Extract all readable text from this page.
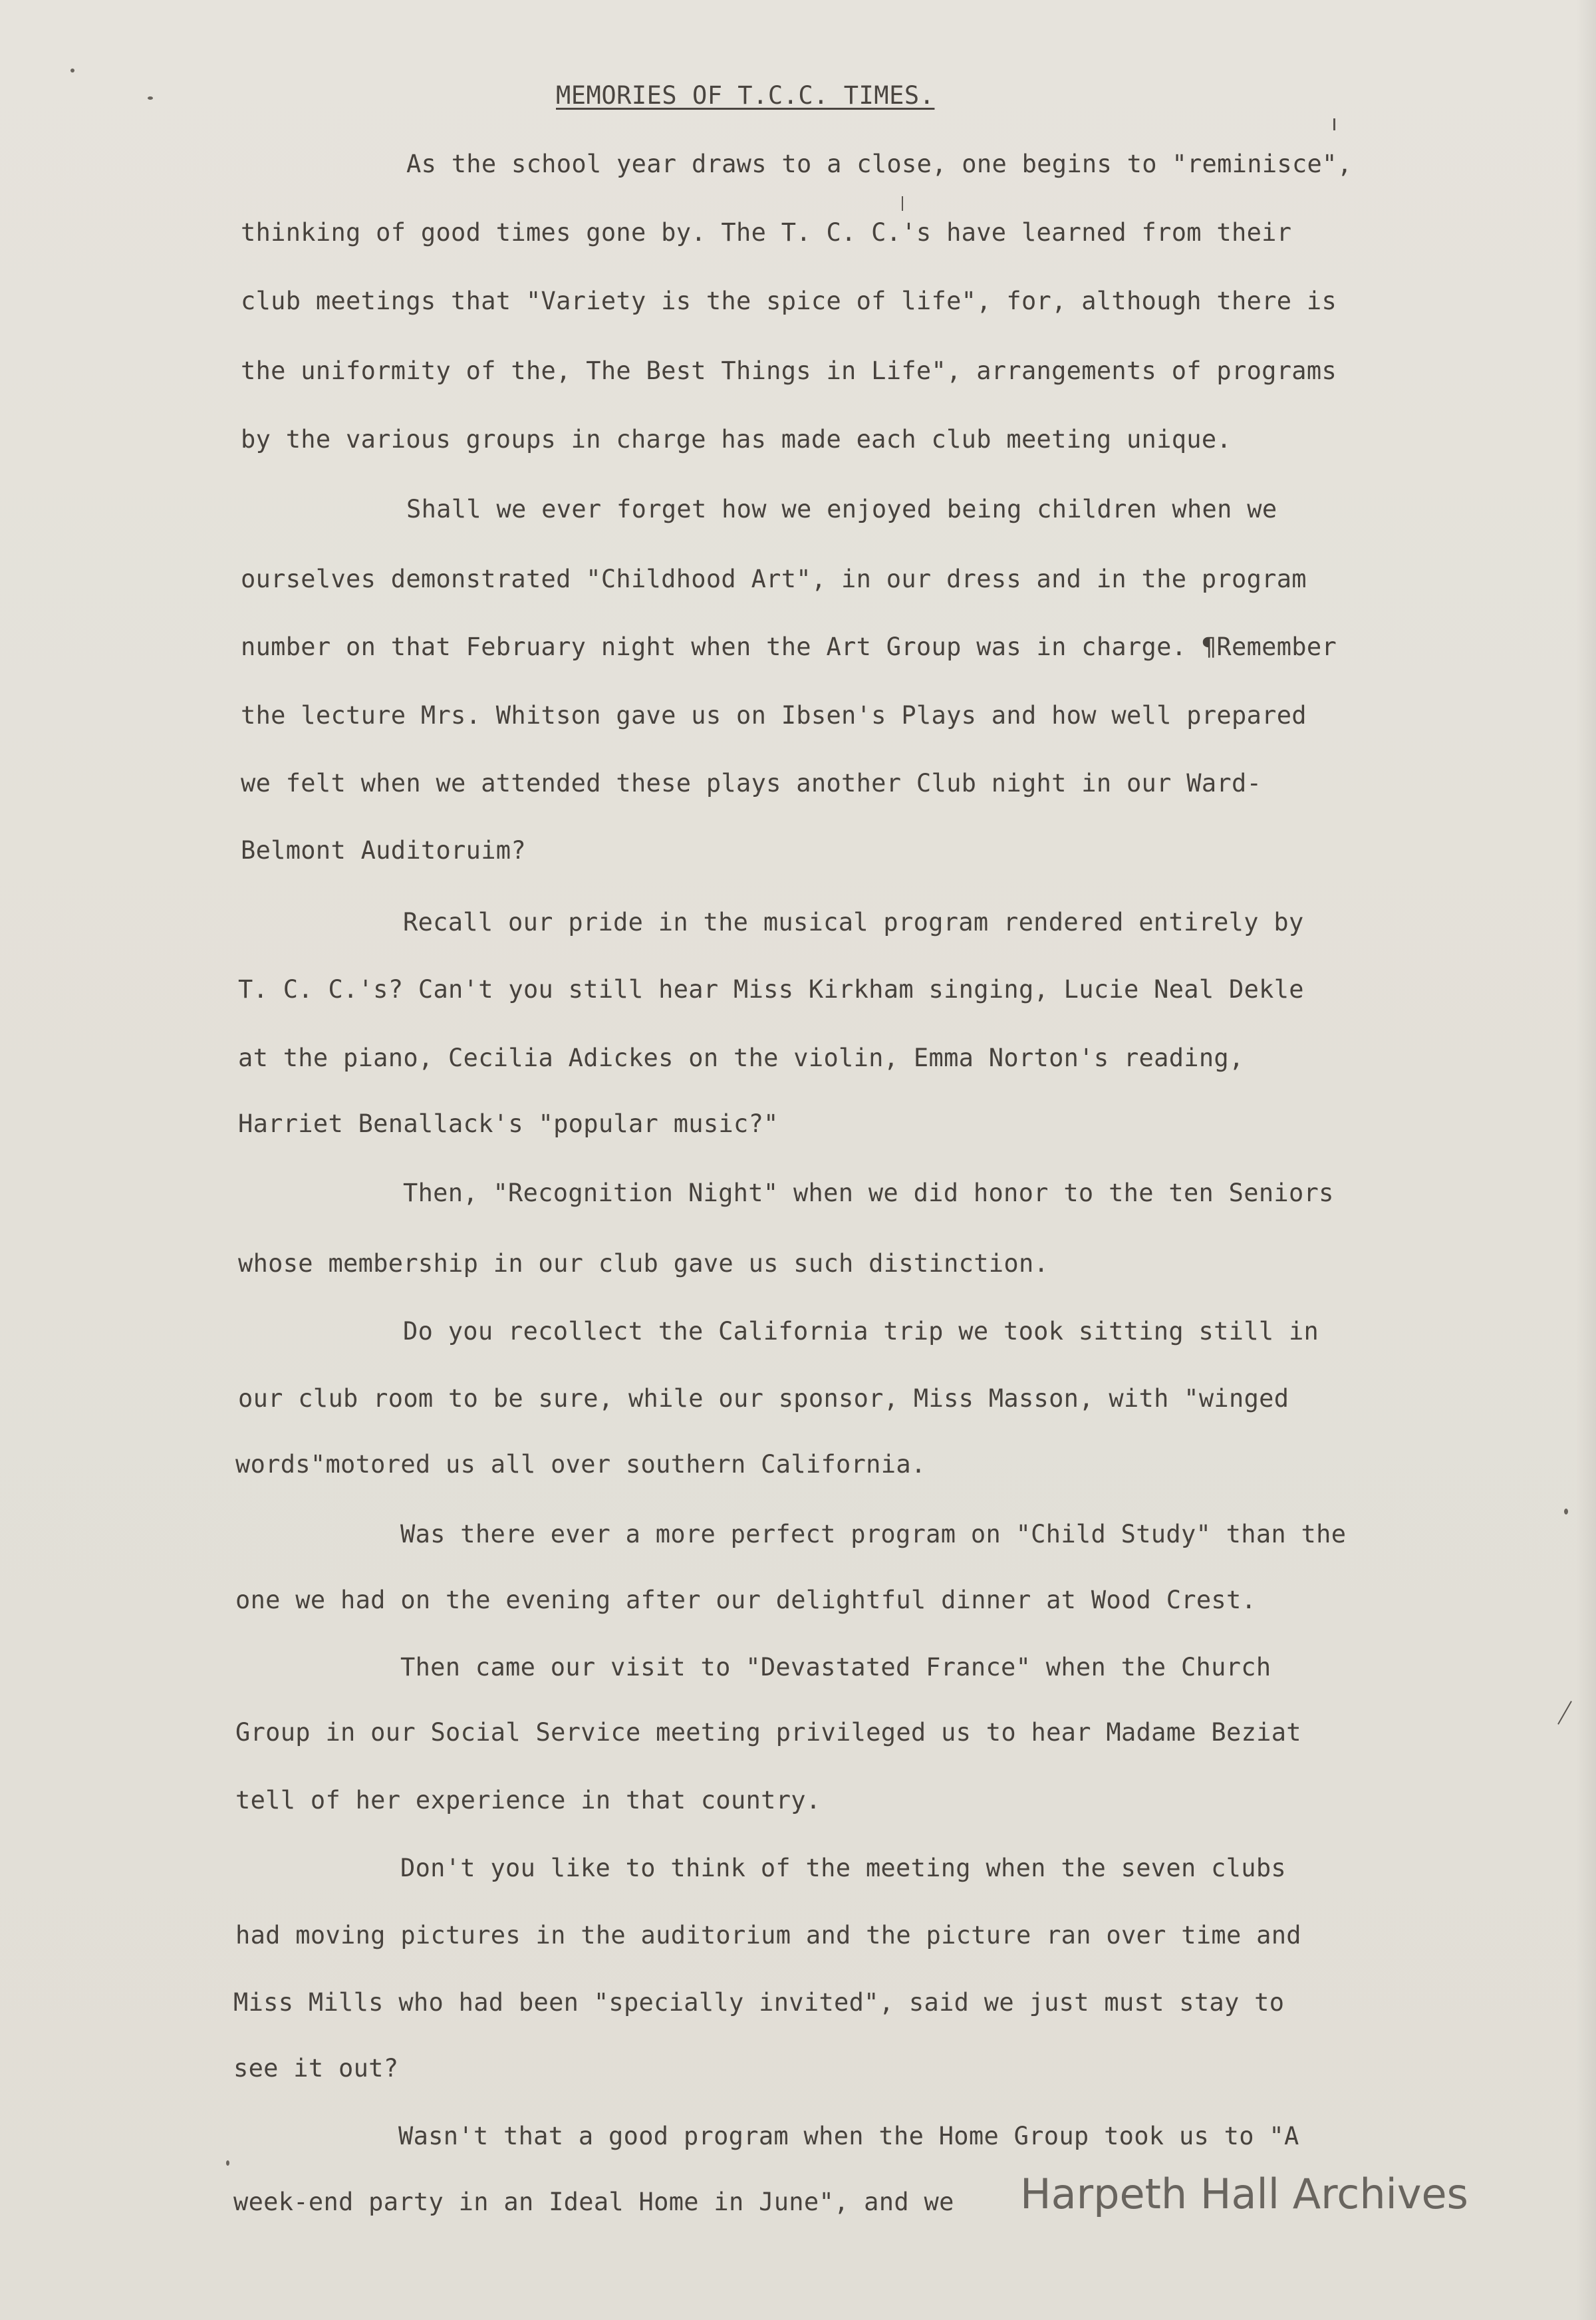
MEMORIES OF T.C.C. TIMES.
As the school year draws to a close, one begins to "reminisce",
thinking of good times gone by. The T. C. C.'s have learned from their
club meetings that "Variety is the spice of life", for, although there is
the uniformity of the, The Best Things in Life", arrangements of programs
by the various groups in charge has made each club meeting unique.
Shall we ever forget how we enjoyed being children when we
ourselves demonstrated "Childhood Art", in our dress and in the program
number on that February night when the Art Group was in charge. ¶Remember
the lecture Mrs. Whitson gave us on Ibsen's Plays and how well prepared
we felt when we attended these plays another Club night in our Ward-
Belmont Auditoruim?
Recall our pride in the musical program rendered entirely by
T. C. C.'s? Can't you still hear Miss Kirkham singing, Lucie Neal Dekle
at the piano, Cecilia Adickes on the violin, Emma Norton's reading,
Harriet Benallack's "popular music?"
Then, "Recognition Night" when we did honor to the ten Seniors
whose membership in our club gave us such distinction.
Do you recollect the California trip we took sitting still in
our club room to be sure, while our sponsor, Miss Masson, with "winged
words"motored us all over southern California.
Was there ever a more perfect program on "Child Study" than the
one we had on the evening after our delightful dinner at Wood Crest.
Then came our visit to "Devastated France" when the Church
Group in our Social Service meeting privileged us to hear Madame Beziat
tell of her experience in that country.
Don't you like to think of the meeting when the seven clubs
had moving pictures in the auditorium and the picture ran over time and
Miss Mills who had been "specially invited", said we just must stay to
see it out?
Wasn't that a good program when the Home Group took us to "A
week-end party in an Ideal Home in June", and we Harpeth Hall Archives
